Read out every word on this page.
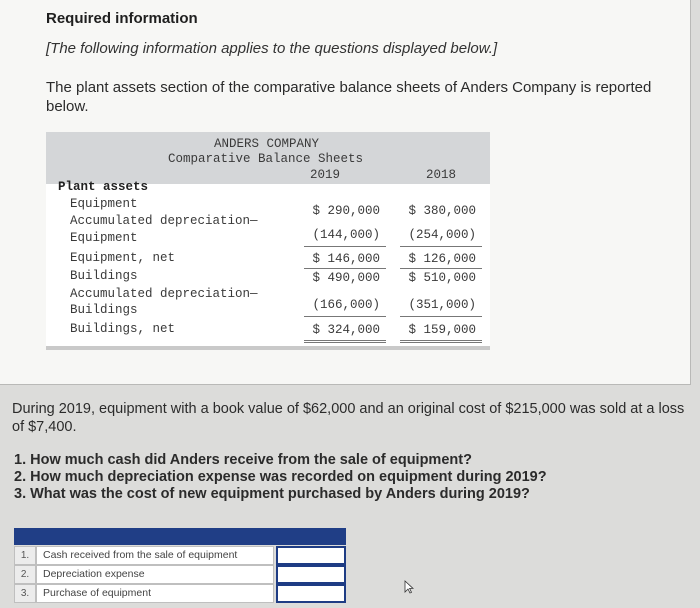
Required information
[The following information applies to the questions displayed below.]
The plant assets section of the comparative balance sheets of Anders Company is reported below.
ANDERS COMPANY
Comparative Balance Sheets
2019	2018
Plant assets
Equipment	$ 290,000 $ 380,000
Accumulated depreciation—
Equipment	(144,000) (254,000)
Equipment, net	$ 146,000 $ 126,000
Buildings	$ 490,000 $ 510,000
Accumulated depreciation—
Buildings	(166,000) (351,000)
Buildings, net	$ 324,000 $ 159,000
During 2019, equipment with a book value of $62,000 and an original cost of $215,000 was sold at a loss of $7,400.
1. How much cash did Anders receive from the sale of equipment?
2. How much depreciation expense was recorded on equipment during 2019?
3. What was the cost of new equipment purchased by Anders during 2019?
1.	Cash received from the sale of equipment
2.	Depreciation expense
3.	Purchase of equipment
